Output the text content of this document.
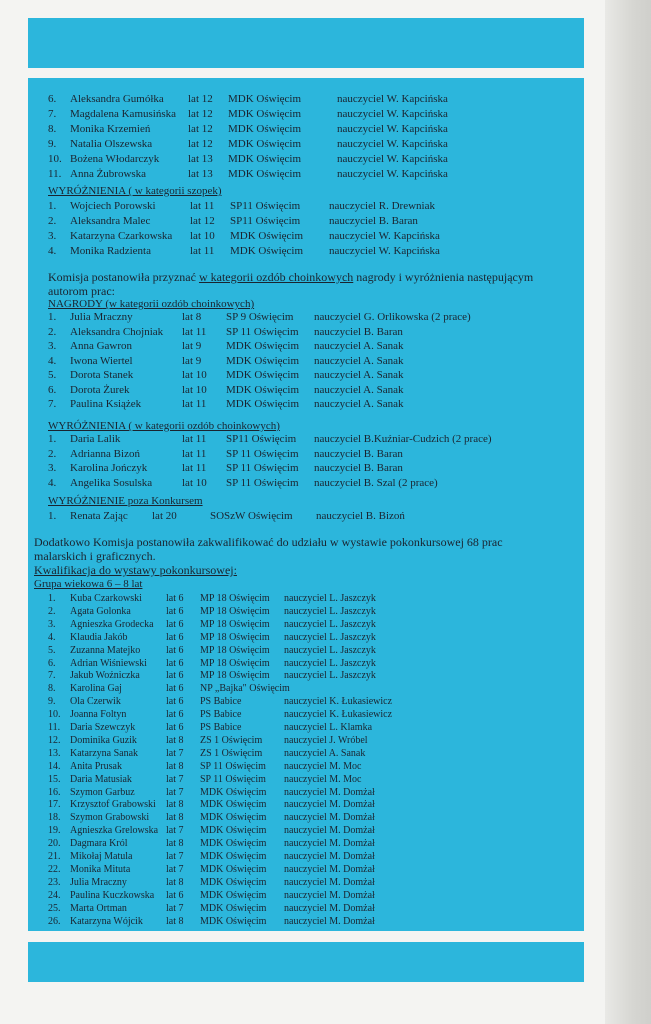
6. Aleksandra Gumółka lat 12 MDK Oświęcim	nauczyciel W. Kapcińska
7. Magdalena Kamusińska lat 12 MDK Oświęcim	nauczyciel W. Kapcińska
8. Monika Krzemień	lat 12 MDK Oświęcim	nauczyciel W. Kapcińska
9. Natalia Olszewska	lat 12 MDK Oświęcim	nauczyciel W. Kapcińska
10. Bożena Włodarczyk	lat 13 MDK Oświęcim	nauczyciel W. Kapcińska
11. Anna Żubrowska	lat 13 MDK Oświęcim	nauczyciel W. Kapcińska
WYRÓŻNIENIA ( w kategorii szopek)
1. Wojciech Porowski	lat 11 SP11 Oświęcim	nauczyciel R. Drewniak
2. Aleksandra Malec	lat 12 SP11 Oświęcim	nauczyciel B. Baran
3. Katarzyna Czarkowska lat 10 MDK Oświęcim nauczyciel W. Kapcińska
4. Monika Radzienta	lat 11 MDK Oświęcim nauczyciel W. Kapcińska
Komisja postanowiła przyznać w kategorii ozdób choinkowych nagrody i wyróżnienia następującym
autorom prac:
NAGRODY (w kategorii ozdób choinkowych)
1. Julia Mraczny	lat 8 SP 9 Oświęcim nauczyciel G. Orlikowska (2 prace)
2. Aleksandra Chojniak lat 11 SP 11 Oświęcim nauczyciel B. Baran
3. Anna Gawron	lat 9 MDK Oświęcim nauczyciel A. Sanak
4. Iwona Wiertel	lat 9 MDK Oświęcim nauczyciel A. Sanak
5. Dorota Stanek	lat 10 MDK Oświęcim nauczyciel A. Sanak
6. Dorota Żurek	lat 10 MDK Oświęcim nauczyciel A. Sanak
7. Paulina Książek	lat 11 MDK Oświęcim nauczyciel A. Sanak
WYRÓŻNIENIA ( w kategorii ozdób choinkowych)
1. Daria Lalik	lat 11 SP11 Oświęcim nauczyciel B.Kuźniar-Cudzich (2 prace)
2. Adrianna Bizoń	lat 11 SP 11 Oświęcim nauczyciel B. Baran
3. Karolina Jończyk	lat 11 SP 11 Oświęcim nauczyciel B. Baran
4. Angelika Sosulska	lat 10 SP 11 Oświęcim nauczyciel B. Szal (2 prace)
WYRÓŻNIENIE poza Konkursem
1. Renata Zając lat 20	SOSzW Oświęcim nauczyciel B. Bizoń
Dodatkowo Komisja postanowiła zakwalifikować do udziału w wystawie pokonkursowej 68 prac
malarskich i graficznych.
Kwalifikacja do wystawy pokonkursowej:
Grupa wiekowa 6 – 8 lat
1. Kuba Czarkowski lat 6 MP 18 Oświęcim nauczyciel L. Jaszczyk
2. Agata Golonka	lat 6 MP 18 Oświęcim nauczyciel L. Jaszczyk
3. Agnieszka Grodecka lat 6 MP 18 Oświęcim nauczyciel L. Jaszczyk
4. Klaudia Jakób	lat 6 MP 18 Oświęcim nauczyciel L. Jaszczyk
5. Zuzanna Matejko	lat 6 MP 18 Oświęcim nauczyciel L. Jaszczyk
6. Adrian Wiśniewski lat 6 MP 18 Oświęcim nauczyciel L. Jaszczyk
7. Jakub Woźniczka	lat 6 MP 18 Oświęcim nauczyciel L. Jaszczyk
8. Karolina Gaj	lat 6 NP „Bajka" Oświęcim
9. Ola Czerwik	lat 6 PS Babice	nauczyciel K. Łukasiewicz
10. Joanna Foltyn	lat 6 PS Babice	nauczyciel K. Łukasiewicz
11. Daria Szewczyk	lat 6 PS Babice	nauczyciel L. Klamka
12. Dominika Guzik	lat 8 ZS 1 Oświęcim nauczyciel J. Wróbel
13. Katarzyna Sanak	lat 7 ZS 1 Oświęcim nauczyciel A. Sanak
14. Anita Prusak	lat 8 SP 11 Oświęcim nauczyciel M. Moc
15. Daria Matusiak	lat 7 SP 11 Oświęcim nauczyciel M. Moc
16. Szymon Garbuz	lat 7 MDK Oświęcim nauczyciel M. Domżał
17. Krzysztof Grabowski lat 8 MDK Oświęcim nauczyciel M. Domżał
18. Szymon Grabowski lat 8 MDK Oświęcim nauczyciel M. Domżał
19. Agnieszka Grelowska lat 7 MDK Oświęcim nauczyciel M. Domżał
20. Dagmara Król	lat 8 MDK Oświęcim nauczyciel M. Domżał
21. Mikołaj Matula	lat 7 MDK Oświęcim nauczyciel M. Domżał
22. Monika Mituta	lat 7 MDK Oświęcim nauczyciel M. Domżał
23. Julia Mraczny	lat 8 MDK Oświęcim nauczyciel M. Domżał
24. Paulina Kuczkowska lat 6 MDK Oświęcim nauczyciel M. Domżał
25. Marta Ortman	lat 7 MDK Oświęcim nauczyciel M. Domżał
26. Katarzyna Wójcik lat 8 MDK Oświęcim nauczyciel M. Domżał
